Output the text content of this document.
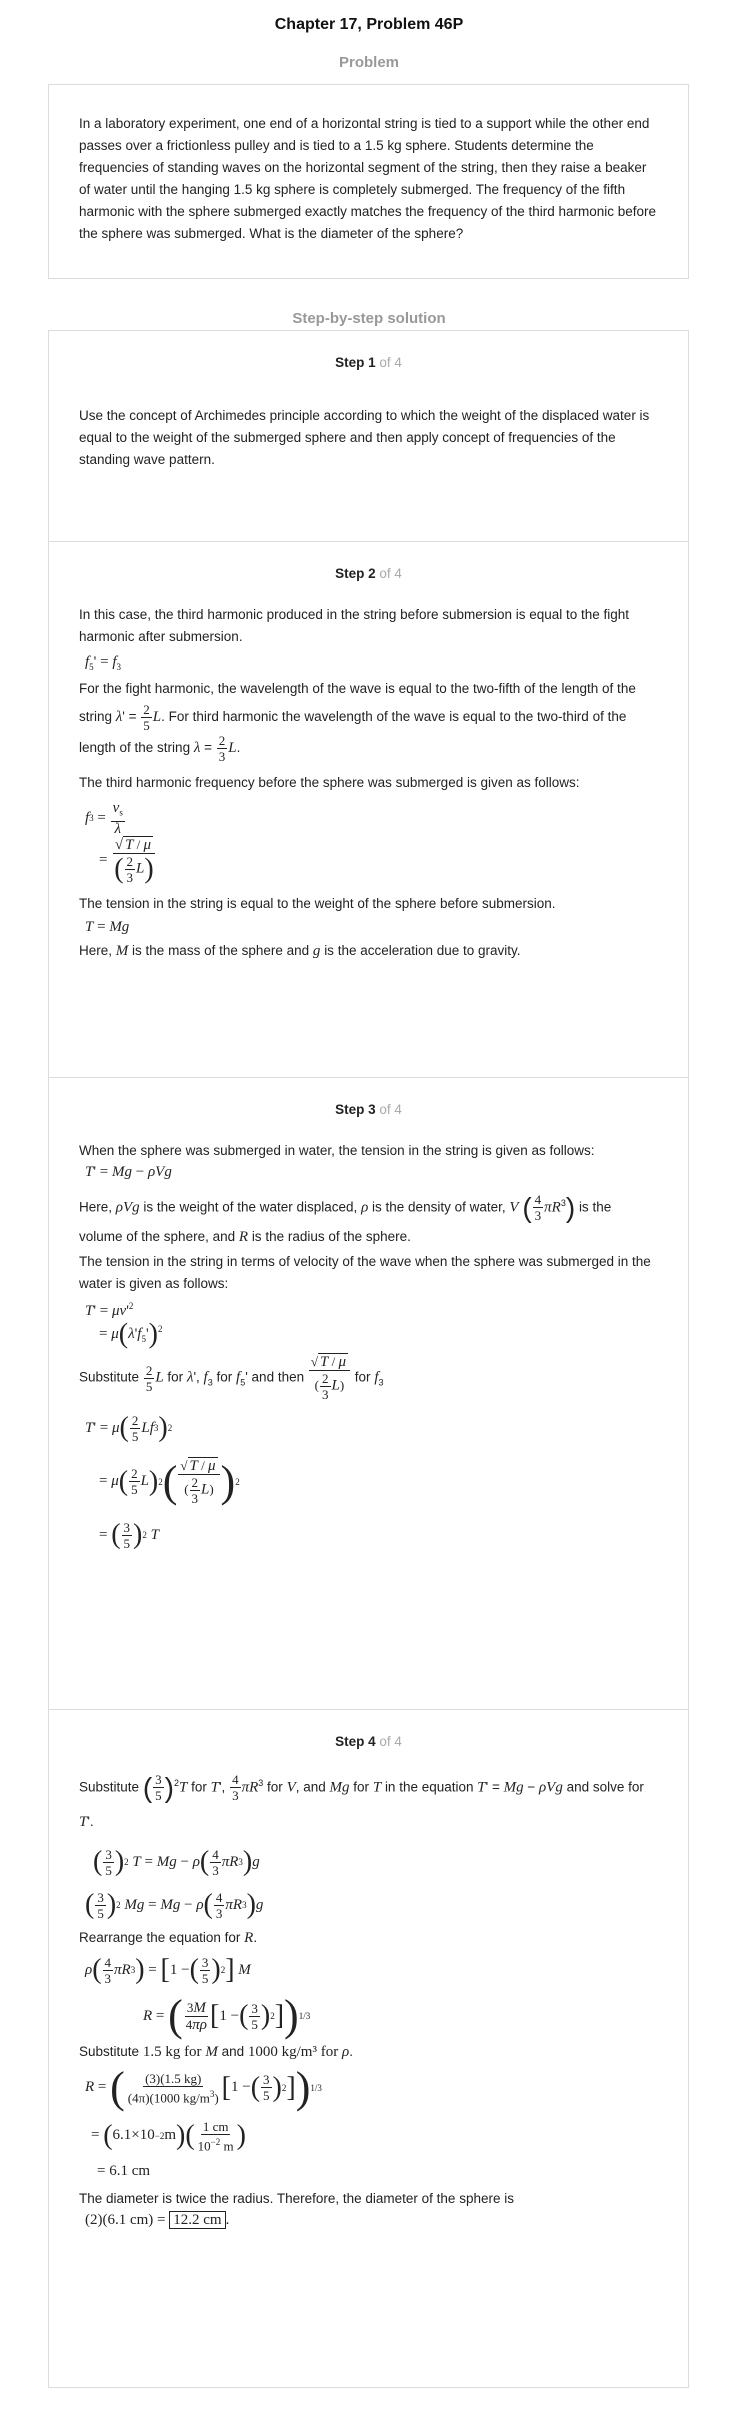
Chapter 17, Problem 46P
Problem

In a laboratory experiment, one end of a horizontal string is tied to a support while the other end passes over a frictionless pulley and is tied to a 1.5 kg sphere. Students determine the frequencies of standing waves on the horizontal segment of the string, then they raise a beaker of water until the hanging 1.5 kg sphere is completely submerged. The frequency of the fifth harmonic with the sphere submerged exactly matches the frequency of the third harmonic before the sphere was submerged. What is the diameter of the sphere?

Step-by-step solution
Step 1 of 4

Use the concept of Archimedes principle according to which the weight of the displaced water is equal to the weight of the submerged sphere and then apply concept of frequencies of the standing wave pattern.

Step 2 of 4

In this case, the third harmonic produced in the string before submersion is equal to the fight harmonic after submersion.

$f_5' = f_3$

For the fight harmonic, the wavelength of the wave is equal to the two-fifth of the length of the string $\lambda' = \frac{2}{5} L$. For third harmonic the wavelength of the wave is equal to the two-third of the length of the string $\lambda = \frac{2}{3} L$.

The third harmonic frequency before the sphere was submerged is given as follows:

f $3 = \frac{v_s}{\lambda}$
= $\frac{√ T / \mu}{( \frac{2}{3} L)}$

The tension in the string is equal to the weight of the sphere before submersion.

T = Mg

Here, M is the mass of the sphere and g is the acceleration due to gravity.

Step 3 of 4

When the sphere was submerged in water, the tension in the string is given as follows:

T' = Mg − ρVg

Here, ρVg is the weight of the water displaced, ρ is the density of water, V ( $\frac{4}{3} \pi R^3$) is the volume of the sphere, and R is the radius of the sphere.

The tension in the string in terms of velocity of the wave when the sphere was submerged in the water is given as follows:

$T' = \mu v'^2$
= $\mu(\lambda'f_5')^2$

Substitute $\frac{2}{5}$ L for λ', $f_3$ for $f_5'$ and then $\frac{√ T / \mu}{( \frac{2}{3} L)}$ for $f_3$

T ' = μ ( $\frac{2}{5}$ Lf 3 ) 2
= μ ( $\frac{2}{5}$ L ) 2 ( $\frac{√ T / \mu}{( \frac{2}{3} L)}$ ) 2
= ( $\frac{3}{5}$ ) 2
T
Step 4 of 4

Substitute ( $\frac{3}{5} )^2T$ for T', $\frac{4}{3} \pi R^3$ for V, and Mg for T in the equation T' = Mg − ρVg and solve for T'.

( $\frac{3}{5}$ ) 2
T = Mg − ρ ( $\frac{4}{3}$ πR 3 ) g
( $\frac{3}{5}$ ) 2
Mg = Mg − ρ ( $\frac{4}{3}$ πR 3 ) g

Rearrange the equation for R.

ρ ( $\frac{4}{3}$ πR 3 ) = [ 1 − ( $\frac{3}{5}$ ) 2 ]
M
R = ( $\frac{3M}{4\pi\rho}$ [ 1 − ( $\frac{3}{5}$ ) 2 ] ) 1/3

Substitute 1.5 kg for M and 1000 kg/m³ for ρ.

R = ( $\frac{(3)(1.5 kg)}{(4\pi)(1000 kg/m^3)}$ [ 1 − ( $\frac{3}{5}$ ) 2 ] ) 1/3
= ( 6.1×10 −2 m ) ( $\frac{1 cm}{10^{-2} m}$ )
= 6.1 cm

The diameter is twice the radius. Therefore, the diameter of the sphere is

(2)(6.1 cm) = 12.2 cm .
